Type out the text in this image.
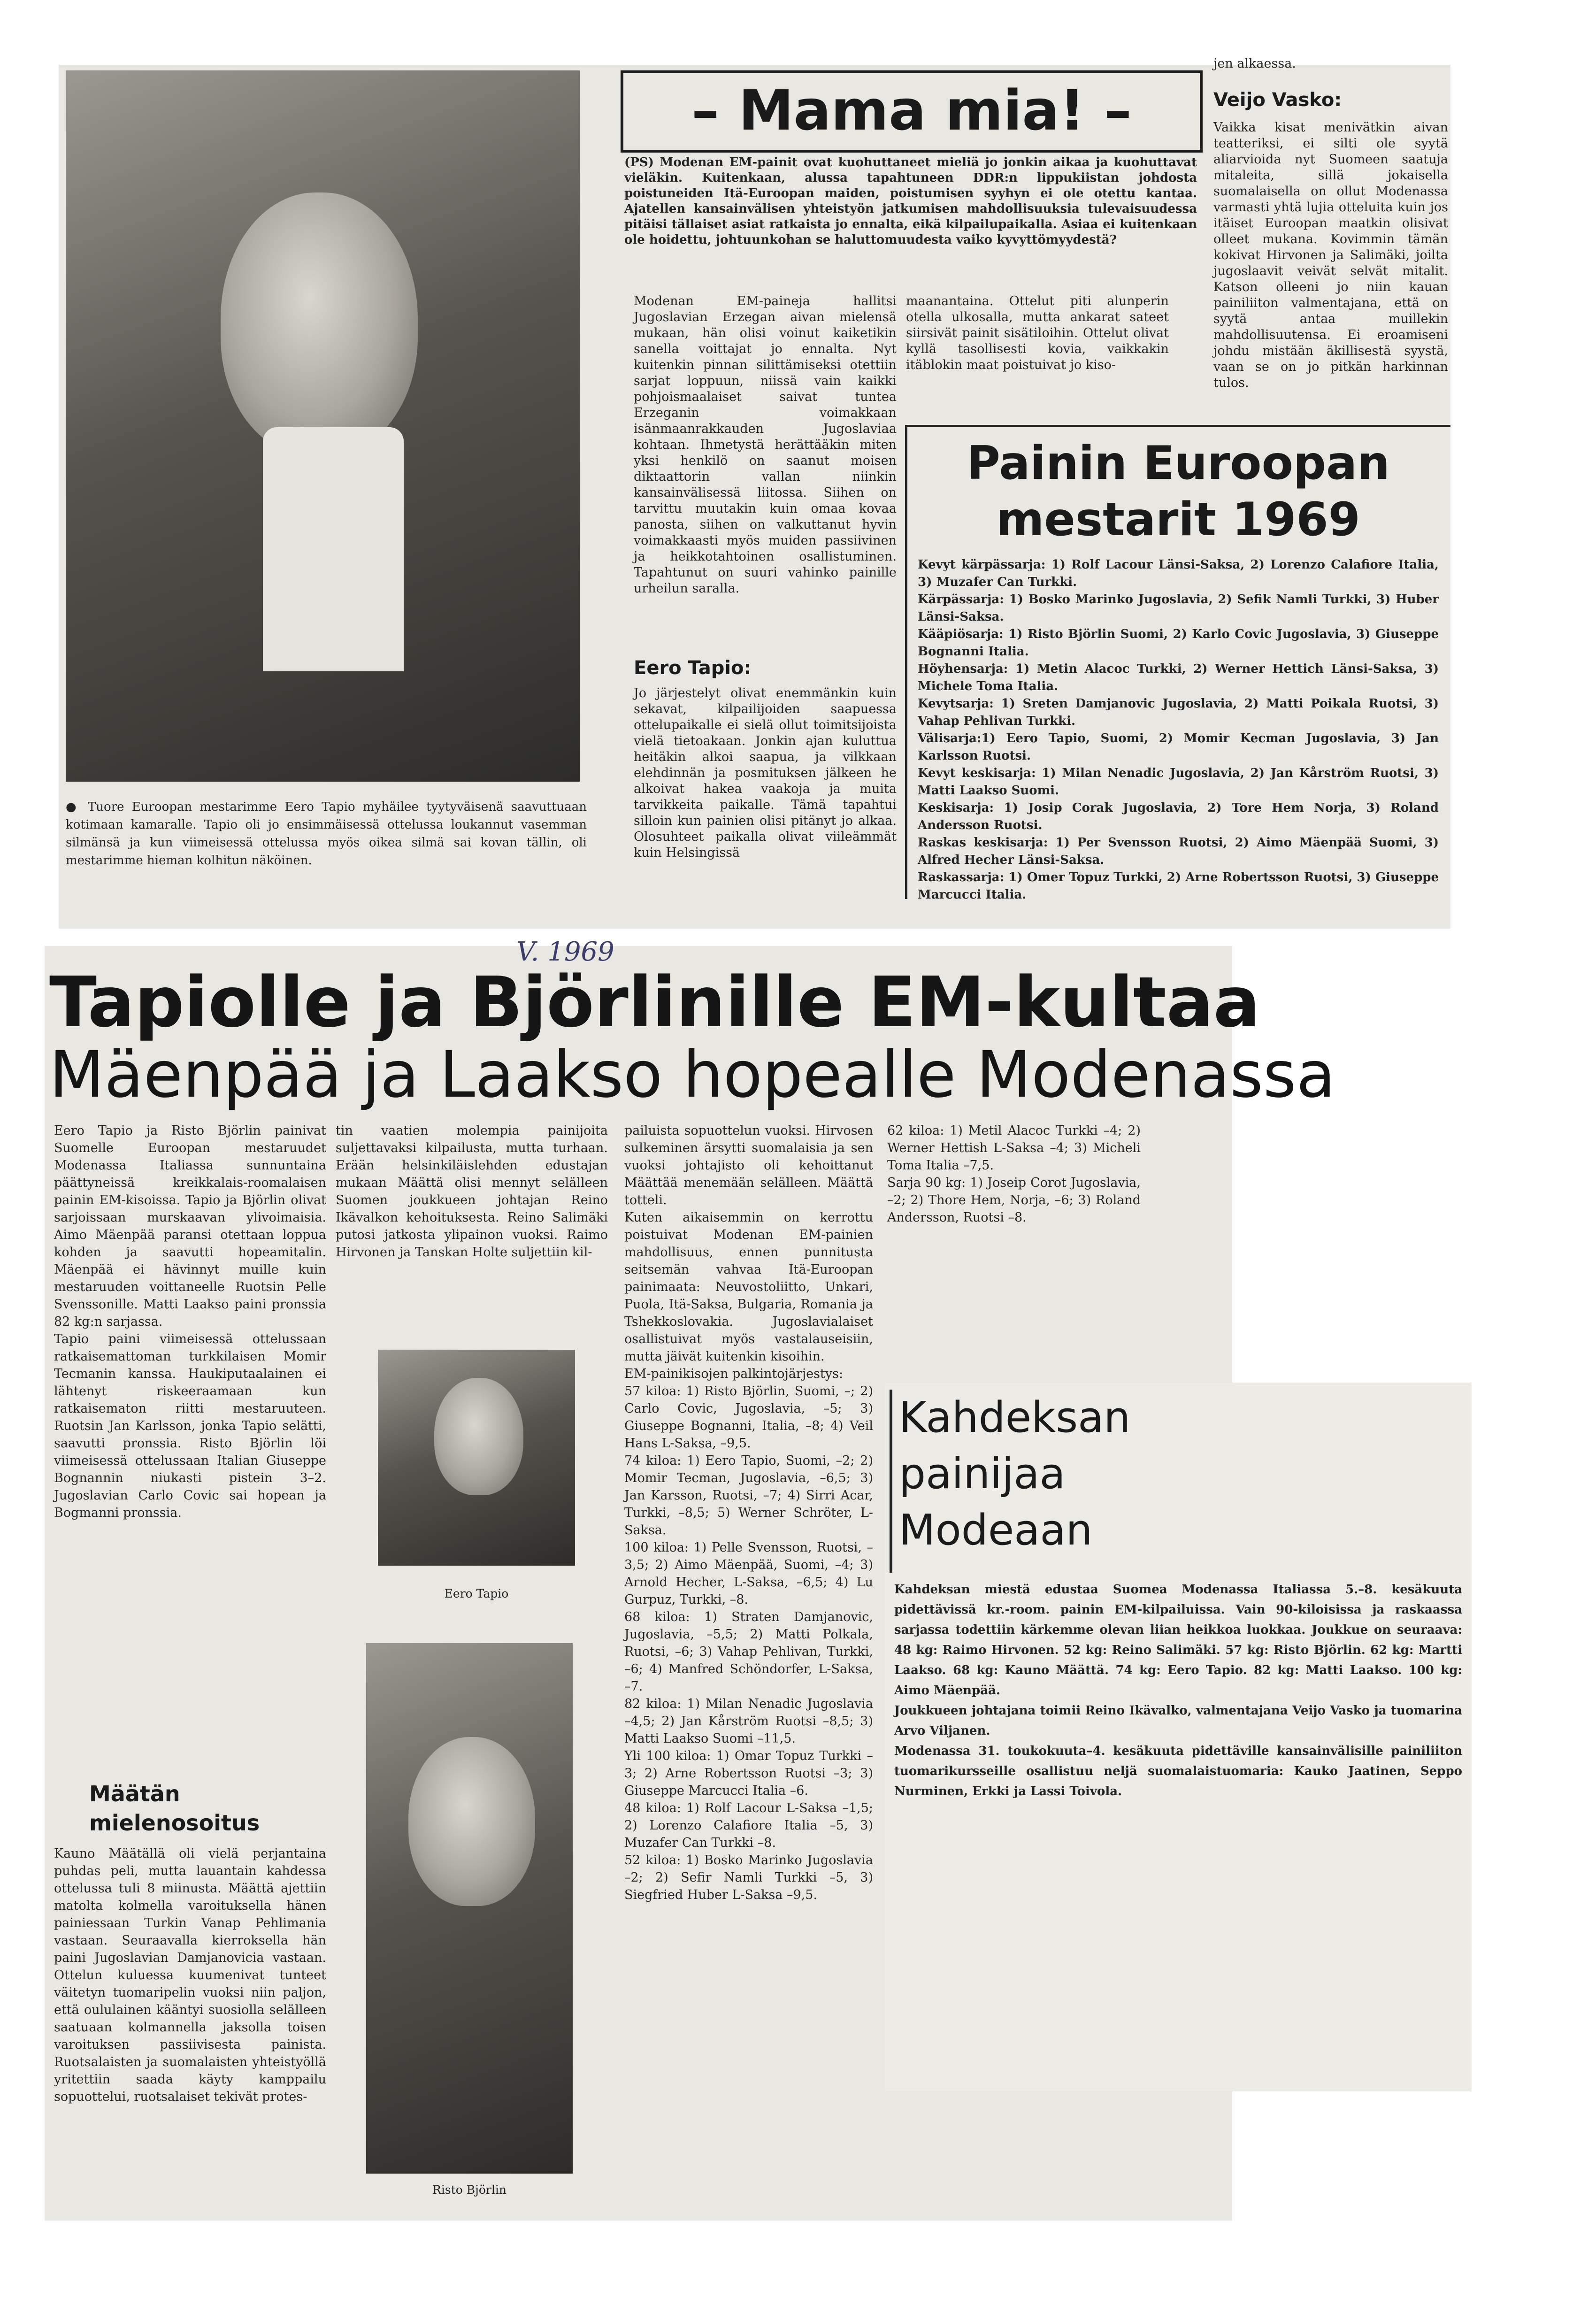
● Tuore Euroopan mestarimme Eero Tapio myhäilee tyytyväisenä saavuttuaan kotimaan kamaralle. Tapio oli jo ensimmäisessä ottelussa loukannut vasemman silmänsä ja kun viimeisessä ottelussa myös oikea silmä sai kovan tällin, oli mestarimme hieman kolhitun näköinen.
– Mama mia! –
(PS) Modenan EM-painit ovat kuohuttaneet mieliä jo jonkin aikaa ja kuohuttavat vieläkin. Kuitenkaan, alussa tapahtuneen DDR:n lippukiistan johdosta poistuneiden Itä-Euroopan maiden, poistumisen syyhyn ei ole otettu kantaa. Ajatellen kansainvälisen yhteistyön jatkumisen mahdollisuuksia tulevaisuudessa pitäisi tällaiset asiat ratkaista jo ennalta, eikä kilpailupaikalla. Asiaa ei kuitenkaan ole hoidettu, johtuunkohan se haluttomuudesta vaiko kyvyttömyydestä?
Modenan EM-paineja hallitsi Jugoslavian Erzegan aivan mielensä mukaan, hän olisi voinut kaiketikin sanella voittajat jo ennalta. Nyt kuitenkin pinnan silittämiseksi otettiin sarjat loppuun, niissä vain kaikki pohjoismaalaiset saivat tuntea Erzeganin voimakkaan isänmaanrakkauden Jugoslaviaa kohtaan. Ihmetystä herättääkin miten yksi henkilö on saanut moisen diktaattorin vallan niinkin kansainvälisessä liitossa. Siihen on tarvittu muutakin kuin omaa kovaa panosta, siihen on valkuttanut hyvin voimakkaasti myös muiden passiivinen ja heikkotahtoinen osallistuminen. Tapahtunut on suuri vahinko painille urheilun saralla.
Eero Tapio:
Jo järjestelyt olivat enemmänkin kuin sekavat, kilpailijoiden saapuessa ottelupaikalle ei sielä ollut toimitsijoista vielä tietoakaan. Jonkin ajan kuluttua heitäkin alkoi saapua, ja vilkkaan elehdinnän ja posmituksen jälkeen he alkoivat hakea vaakoja ja muita tarvikkeita paikalle. Tämä tapahtui silloin kun painien olisi pitänyt jo alkaa. Olosuhteet paikalla olivat viileämmät kuin Helsingissä
maanantaina. Ottelut piti alunperin otella ulkosalla, mutta ankarat sateet siirsivät painit sisätiloihin. Ottelut olivat kyllä tasollisesti kovia, vaikkakin itäblokin maat poistuivat jo kiso-
jen alkaessa.
Veijo Vasko:
Vaikka kisat menivätkin aivan teatteriksi, ei silti ole syytä aliarvioida nyt Suomeen saatuja mitaleita, sillä jokaisella suomalaisella on ollut Modenassa varmasti yhtä lujia otteluita kuin jos itäiset Euroopan maatkin olisivat olleet mukana. Kovimmin tämän kokivat Hirvonen ja Salimäki, joilta jugoslaavit veivät selvät mitalit. Katson olleeni jo niin kauan painiliiton valmentajana, että on syytä antaa muillekin mahdollisuutensa. Ei eroamiseni johdu mistään äkillisestä syystä, vaan se on jo pitkän harkinnan tulos.
Painin Euroopan
mestarit 1969
Kevyt kärpässarja: 1) Rolf Lacour Länsi-Saksa, 2) Lorenzo Calafiore Italia, 3) Muzafer Can Turkki.
Kärpässarja: 1) Bosko Marinko Jugoslavia, 2) Sefik Namli Turkki, 3) Huber Länsi-Saksa.
Kääpiösarja: 1) Risto Björlin Suomi, 2) Karlo Covic Jugoslavia, 3) Giuseppe Bognanni Italia.
Höyhensarja: 1) Metin Alacoc Turkki, 2) Werner Hettich Länsi-Saksa, 3) Michele Toma Italia.
Kevytsarja: 1) Sreten Damjanovic Jugoslavia, 2) Matti Poikala Ruotsi, 3) Vahap Pehlivan Turkki.
Välisarja:1) Eero Tapio, Suomi, 2) Momir Kecman Jugoslavia, 3) Jan Karlsson Ruotsi.
Kevyt keskisarja: 1) Milan Nenadic Jugoslavia, 2) Jan Kårström Ruotsi, 3) Matti Laakso Suomi.
Keskisarja: 1) Josip Corak Jugoslavia, 2) Tore Hem Norja, 3) Roland Andersson Ruotsi.
Raskas keskisarja: 1) Per Svensson Ruotsi, 2) Aimo Mäenpää Suomi, 3) Alfred Hecher Länsi-Saksa.
Raskassarja: 1) Omer Topuz Turkki, 2) Arne Robertsson Ruotsi, 3) Giuseppe Marcucci Italia.
V. 1969
Tapiolle ja Björlinille EM-kultaa
Mäenpää ja Laakso hopealle Modenassa
Eero Tapio ja Risto Björlin painivat Suomelle Euroopan mestaruudet Modenassa Italiassa sunnuntaina päättyneissä kreikkalais-roomalaisen painin EM-kisoissa. Tapio ja Björlin olivat sarjoissaan murskaavan ylivoimaisia. Aimo Mäenpää paransi otettaan loppua kohden ja saavutti hopeamitalin. Mäenpää ei hävinnyt muille kuin mestaruuden voittaneelle Ruotsin Pelle Svenssonille. Matti Laakso paini pronssia 82 kg:n sarjassa.
Tapio paini viimeisessä ottelussaan ratkaisemattoman turkkilaisen Momir Tecmanin kanssa. Haukiputaalainen ei lähtenyt riskeeraamaan kun ratkaisematon riitti mestaruuteen. Ruotsin Jan Karlsson, jonka Tapio selätti, saavutti pronssia. Risto Björlin löi viimeisessä ottelussaan Italian Giuseppe Bognannin niukasti pistein 3–2. Jugoslavian Carlo Covic sai hopean ja Bogmanni pronssia.
Määtän mielenosoitus
Kauno Määtällä oli vielä perjantaina puhdas peli, mutta lauantain kahdessa ottelussa tuli 8 miinusta. Määttä ajettiin matolta kolmella varoituksella hänen painiessaan Turkin Vanap Pehlimania vastaan. Seuraavalla kierroksella hän paini Jugoslavian Damjanovicia vastaan. Ottelun kuluessa kuumenivat tunteet väitetyn tuomaripelin vuoksi niin paljon, että oululainen kääntyi suosiolla selälleen saatuaan kolmannella jaksolla toisen varoituksen passiivisesta painista. Ruotsalaisten ja suomalaisten yhteistyöllä yritettiin saada käyty kamppailu sopuottelui, ruotsalaiset tekivät protes-
tin vaatien molempia painijoita suljettavaksi kilpailusta, mutta turhaan. Erään helsinkiläislehden edustajan mukaan Määttä olisi mennyt selälleen Suomen joukkueen johtajan Reino Ikävalkon kehoituksesta. Reino Salimäki putosi jatkosta ylipainon vuoksi. Raimo Hirvonen ja Tanskan Holte suljettiin kil-
Eero Tapio
Risto Björlin
pailuista sopuottelun vuoksi. Hirvosen sulkeminen ärsytti suomalaisia ja sen vuoksi johtajisto oli kehoittanut Määttää menemään selälleen. Määttä totteli.
Kuten aikaisemmin on kerrottu poistuivat Modenan EM-painien mahdollisuus, ennen punnitusta seitsemän vahvaa Itä-Euroopan painimaata: Neuvostoliitto, Unkari, Puola, Itä-Saksa, Bulgaria, Romania ja Tshekkoslovakia. Jugoslavialaiset osallistuivat myös vastalauseisiin, mutta jäivät kuitenkin kisoihin.
EM-painikisojen palkintojärjestys:
57 kiloa: 1) Risto Björlin, Suomi, –; 2) Carlo Covic, Jugoslavia, –5; 3) Giuseppe Bognanni, Italia, –8; 4) Veil Hans L-Saksa, –9,5.
74 kiloa: 1) Eero Tapio, Suomi, –2; 2) Momir Tecman, Jugoslavia, –6,5; 3) Jan Karsson, Ruotsi, –7; 4) Sirri Acar, Turkki, –8,5; 5) Werner Schröter, L-Saksa.
100 kiloa: 1) Pelle Svensson, Ruotsi, –3,5; 2) Aimo Mäenpää, Suomi, –4; 3) Arnold Hecher, L-Saksa, –6,5; 4) Lu Gurpuz, Turkki, –8.
68 kiloa: 1) Straten Damjanovic, Jugoslavia, –5,5; 2) Matti Polkala, Ruotsi, –6; 3) Vahap Pehlivan, Turkki, –6; 4) Manfred Schöndorfer, L-Saksa, –7.
82 kiloa: 1) Milan Nenadic Jugoslavia –4,5; 2) Jan Kårström Ruotsi –8,5; 3) Matti Laakso Suomi –11,5.
Yli 100 kiloa: 1) Omar Topuz Turkki –3; 2) Arne Robertsson Ruotsi –3; 3) Giuseppe Marcucci Italia –6.
48 kiloa: 1) Rolf Lacour L-Saksa –1,5; 2) Lorenzo Calafiore Italia –5, 3) Muzafer Can Turkki –8.
52 kiloa: 1) Bosko Marinko Jugoslavia –2; 2) Sefir Namli Turkki –5, 3) Siegfried Huber L-Saksa –9,5.
62 kiloa: 1) Metil Alacoc Turkki –4; 2) Werner Hettish L-Saksa –4; 3) Micheli Toma Italia –7,5.
Sarja 90 kg: 1) Joseip Corot Jugoslavia, –2; 2) Thore Hem, Norja, –6; 3) Roland Andersson, Ruotsi –8.
Kahdeksan painijaa Modeaan
Kahdeksan miestä edustaa Suomea Modenassa Italiassa 5.–8. kesäkuuta pidettävissä kr.-room. painin EM-kilpailuissa. Vain 90-kiloisissa ja raskaassa sarjassa todettiin kärkemme olevan liian heikkoa luokkaa. Joukkue on seuraava: 48 kg: Raimo Hirvonen. 52 kg: Reino Salimäki. 57 kg: Risto Björlin. 62 kg: Martti Laakso. 68 kg: Kauno Määttä. 74 kg: Eero Tapio. 82 kg: Matti Laakso. 100 kg: Aimo Mäenpää.
Joukkueen johtajana toimii Reino Ikävalko, valmentajana Veijo Vasko ja tuomarina Arvo Viljanen.
Modenassa 31. toukokuuta–4. kesäkuuta pidettäville kansainvälisille painiliiton tuomarikursseille osallistuu neljä suomalaistuomaria: Kauko Jaatinen, Seppo Nurminen, Erkki ja Lassi Toivola.
